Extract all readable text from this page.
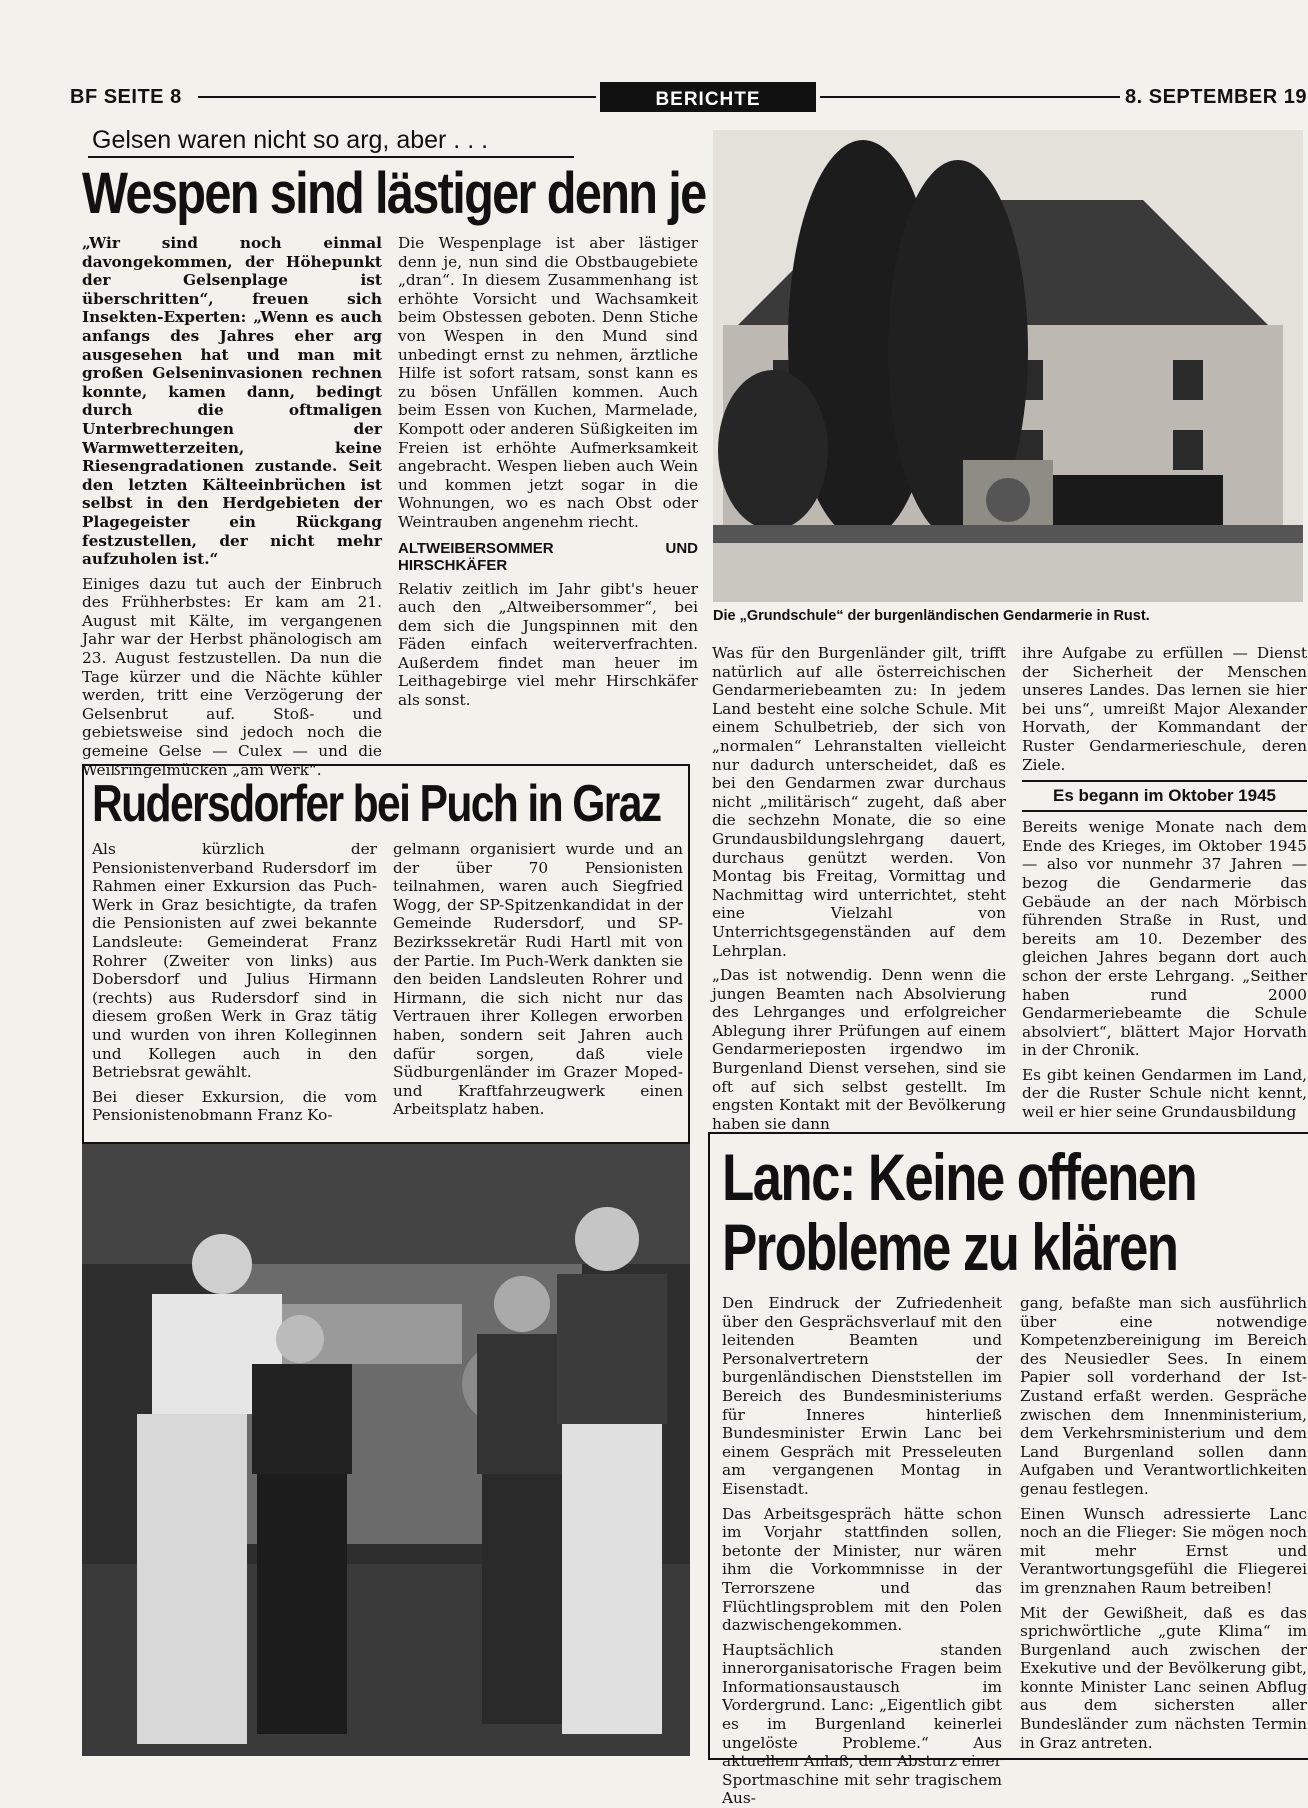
BF SEITE 8	BERICHTE	8. SEPTEMBER 19
Gelsen waren nicht so arg, aber . . .
Wespen sind lästiger denn je

„Wir sind noch einmal davongekommen, der Höhepunkt der Gelsenplage ist überschritten“, freuen sich Insekten-Experten: „Wenn es auch anfangs des Jahres eher arg ausgesehen hat und man mit großen Gelseninvasionen rechnen konnte, kamen dann, bedingt durch die oftmaligen Unterbrechungen der Warmwetterzeiten, keine Riesengradationen zustande. Seit den letzten Kälteeinbrüchen ist selbst in den Herdgebieten der Plagegeister ein Rückgang festzustellen, der nicht mehr aufzuholen ist.“

Einiges dazu tut auch der Einbruch des Frühherbstes: Er kam am 21. August mit Kälte, im vergangenen Jahr war der Herbst phänologisch am 23. August festzustellen. Da nun die Tage kürzer und die Nächte kühler werden, tritt eine Verzögerung der Gelsenbrut auf. Stoß- und gebietsweise sind jedoch noch die gemeine Gelse — Culex — und die Weißringelmücken „am Werk“.

Die Wespenplage ist aber lästiger denn je, nun sind die Obstbaugebiete „dran“. In diesem Zusammenhang ist erhöhte Vorsicht und Wachsamkeit beim Obstessen geboten. Denn Stiche von Wespen in den Mund sind unbedingt ernst zu nehmen, ärztliche Hilfe ist sofort ratsam, sonst kann es zu bösen Unfällen kommen. Auch beim Essen von Kuchen, Marmelade, Kompott oder anderen Süßigkeiten im Freien ist erhöhte Aufmerksamkeit angebracht. Wespen lieben auch Wein und kommen jetzt sogar in die Wohnungen, wo es nach Obst oder Weintrauben angenehm riecht.

ALTWEIBERSOMMER UND HIRSCHKÄFER

Relativ zeitlich im Jahr gibt's heuer auch den „Altweibersommer“, bei dem sich die Jungspinnen mit den Fäden einfach weiterverfrachten. Außerdem findet man heuer im Leithagebirge viel mehr Hirschkäfer als sonst.

Die „Grundschule“ der burgenländischen Gendarmerie in Rust.

Was für den Burgenländer gilt, trifft natürlich auf alle österreichischen Gendarmeriebeamten zu: In jedem Land besteht eine solche Schule. Mit einem Schulbetrieb, der sich von „normalen“ Lehranstalten vielleicht nur dadurch unterscheidet, daß es bei den Gendarmen zwar durchaus nicht „militärisch“ zugeht, daß aber die sechzehn Monate, die so eine Grundausbildungslehrgang dauert, durchaus genützt werden. Von Montag bis Freitag, Vormittag und Nachmittag wird unterrichtet, steht eine Vielzahl von Unterrichtsgegenständen auf dem Lehrplan.

„Das ist notwendig. Denn wenn die jungen Beamten nach Absolvierung des Lehrganges und erfolgreicher Ablegung ihrer Prüfungen auf einem Gendarmerieposten irgendwo im Burgenland Dienst versehen, sind sie oft auf sich selbst gestellt. Im engsten Kontakt mit der Bevölkerung haben sie dann

ihre Aufgabe zu erfüllen — Dienst der Sicherheit der Menschen unseres Landes. Das lernen sie hier bei uns“, umreißt Major Alexander Horvath, der Kommandant der Ruster Gendarmerieschule, deren Ziele.

Es begann im Oktober 1945

Bereits wenige Monate nach dem Ende des Krieges, im Oktober 1945 — also vor nunmehr 37 Jahren — bezog die Gendarmerie das Gebäude an der nach Mörbisch führenden Straße in Rust, und bereits am 10. Dezember des gleichen Jahres begann dort auch schon der erste Lehrgang. „Seither haben rund 2000 Gendarmeriebeamte die Schule absolviert“, blättert Major Horvath in der Chronik.

Es gibt keinen Gendarmen im Land, der die Ruster Schule nicht kennt, weil er hier seine Grundausbildung

Rudersdorfer bei Puch in Graz

Als kürzlich der Pensionistenverband Rudersdorf im Rahmen einer Exkursion das Puch-Werk in Graz besichtigte, da trafen die Pensionisten auf zwei bekannte Landsleute: Gemeinderat Franz Rohrer (Zweiter von links) aus Dobersdorf und Julius Hirmann (rechts) aus Rudersdorf sind in diesem großen Werk in Graz tätig und wurden von ihren Kolleginnen und Kollegen auch in den Betriebsrat gewählt.

Bei dieser Exkursion, die vom Pensionistenobmann Franz Ko-

gelmann organisiert wurde und an der über 70 Pensionisten teilnahmen, waren auch Siegfried Wogg, der SP-Spitzenkandidat in der Gemeinde Rudersdorf, und SP-Bezirkssekretär Rudi Hartl mit von der Partie. Im Puch-Werk dankten sie den beiden Landsleuten Rohrer und Hirmann, die sich nicht nur das Vertrauen ihrer Kollegen erworben haben, sondern seit Jahren auch dafür sorgen, daß viele Südburgenländer im Grazer Moped- und Kraftfahrzeugwerk einen Arbeitsplatz haben.

Lanc: Keine offenen
Probleme zu klären

Den Eindruck der Zufriedenheit über den Gesprächsverlauf mit den leitenden Beamten und Personalvertretern der burgenländischen Dienststellen im Bereich des Bundesministeriums für Inneres hinterließ Bundesminister Erwin Lanc bei einem Gespräch mit Presseleuten am vergangenen Montag in Eisenstadt.

Das Arbeitsgespräch hätte schon im Vorjahr stattfinden sollen, betonte der Minister, nur wären ihm die Vorkommnisse in der Terrorszene und das Flüchtlingsproblem mit den Polen dazwischengekommen.

Hauptsächlich standen innerorganisatorische Fragen beim Informationsaustausch im Vordergrund. Lanc: „Eigentlich gibt es im Burgenland keinerlei ungelöste Probleme.“ Aus aktuellem Anlaß, dem Absturz einer Sportmaschine mit sehr tragischem Aus-

gang, befaßte man sich ausführlich über eine notwendige Kompetenzbereinigung im Bereich des Neusiedler Sees. In einem Papier soll vorderhand der Ist-Zustand erfaßt werden. Gespräche zwischen dem Innenministerium, dem Verkehrsministerium und dem Land Burgenland sollen dann Aufgaben und Verantwortlichkeiten genau festlegen.

Einen Wunsch adressierte Lanc noch an die Flieger: Sie mögen noch mit mehr Ernst und Verantwortungsgefühl die Fliegerei im grenznahen Raum betreiben!

Mit der Gewißheit, daß es das sprichwörtliche „gute Klima“ im Burgenland auch zwischen der Exekutive und der Bevölkerung gibt, konnte Minister Lanc seinen Abflug aus dem sichersten aller Bundesländer zum nächsten Termin in Graz antreten.
